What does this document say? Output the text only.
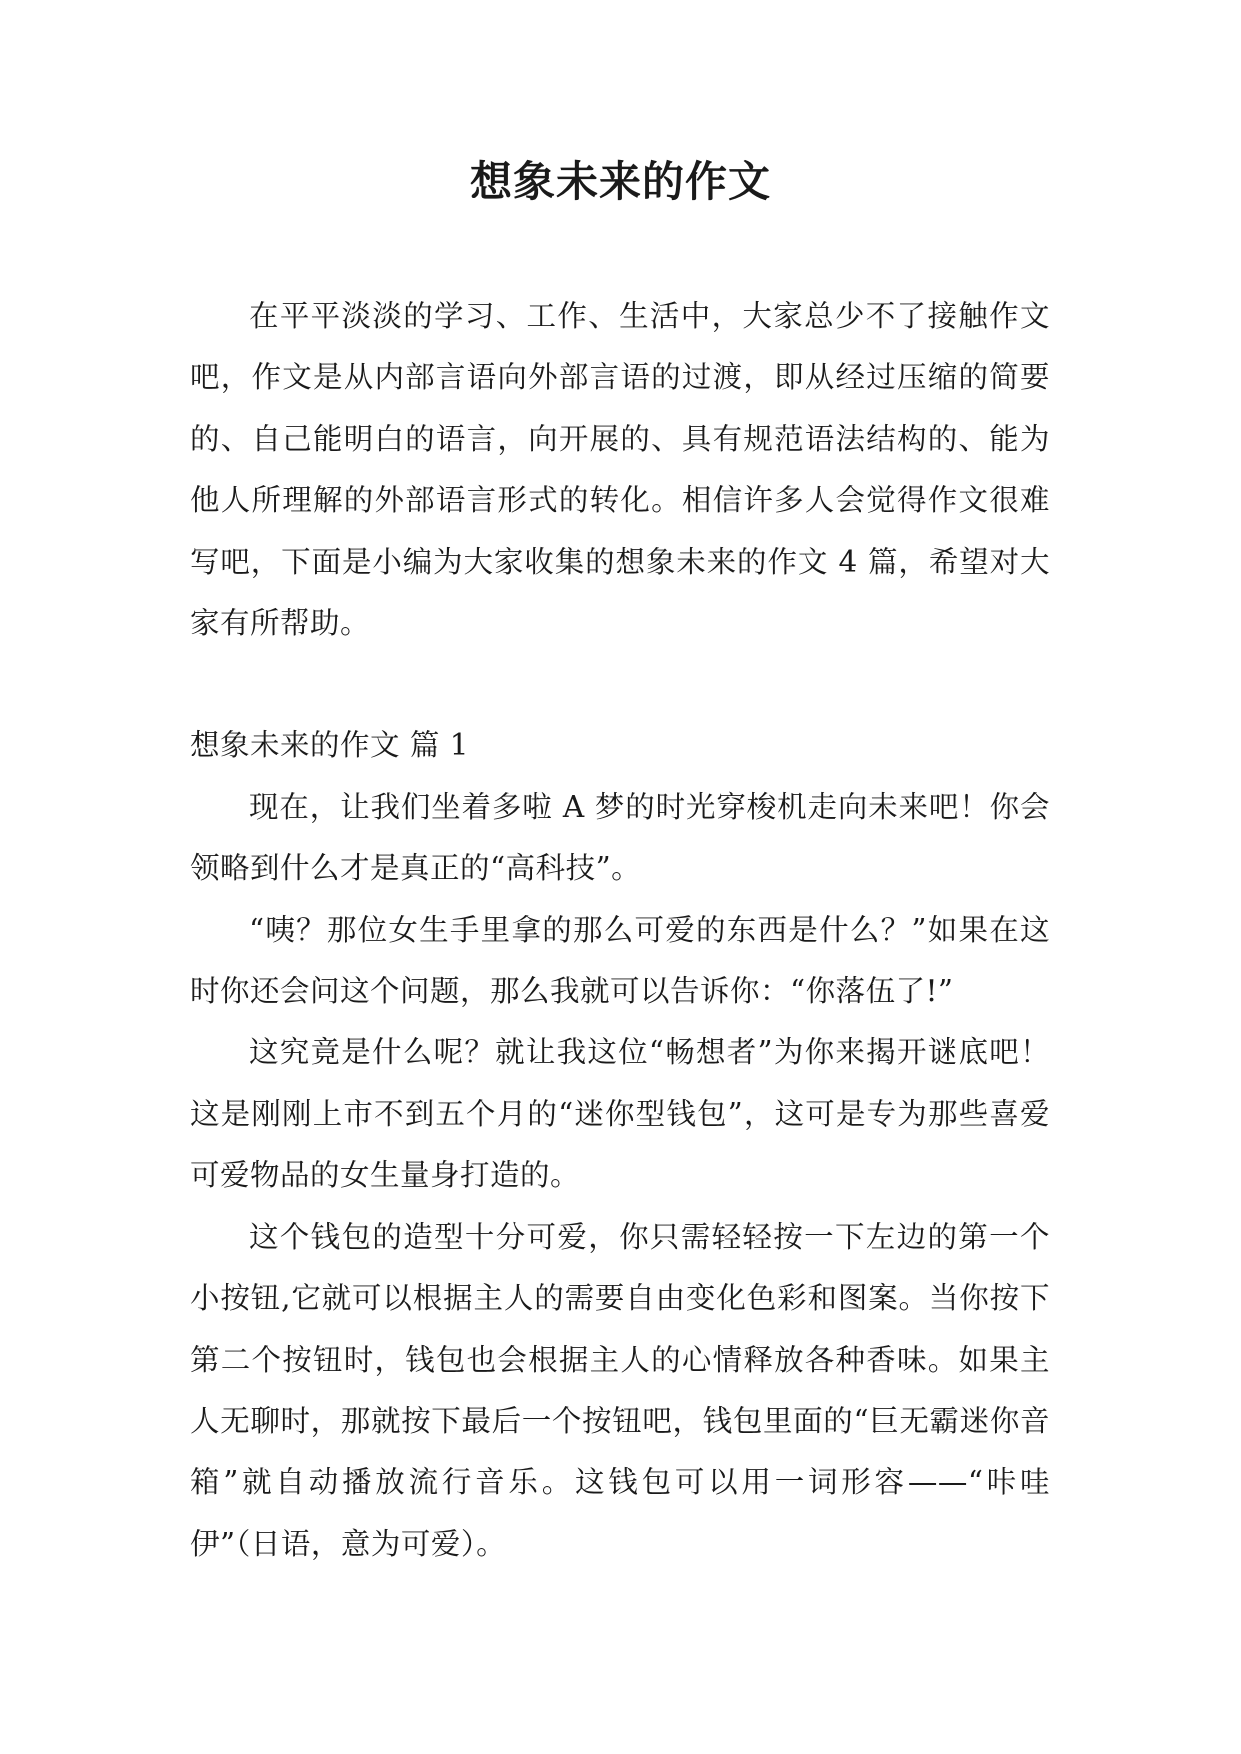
想象未来的作文

在平平淡淡的学习、工作、生活中，大家总少不了接触作文吧，作文是从内部言语向外部言语的过渡，即从经过压缩的简要的、自己能明白的语言，向开展的、具有规范语法结构的、能为他人所理解的外部语言形式的转化。相信许多人会觉得作文很难写吧，下面是小编为大家收集的想象未来的作文 4 篇，希望对大家有所帮助。

想象未来的作文 篇 1

现在，让我们坐着多啦 A 梦的时光穿梭机走向未来吧！你会领略到什么才是真正的“高科技”。

“咦？那位女生手里拿的那么可爱的东西是什么？”如果在这时你还会问这个问题，那么我就可以告诉你：“你落伍了!”

这究竟是什么呢？就让我这位“畅想者”为你来揭开谜底吧！这是刚刚上市不到五个月的“迷你型钱包”，这可是专为那些喜爱可爱物品的女生量身打造的。

这个钱包的造型十分可爱，你只需轻轻按一下左边的第一个小按钮,它就可以根据主人的需要自由变化色彩和图案。当你按下第二个按钮时，钱包也会根据主人的心情释放各种香味。如果主人无聊时，那就按下最后一个按钮吧，钱包里面的“巨无霸迷你音箱”就自动播放流行音乐。这钱包可以用一词形容——“咔哇伊”（日语，意为可爱）。
